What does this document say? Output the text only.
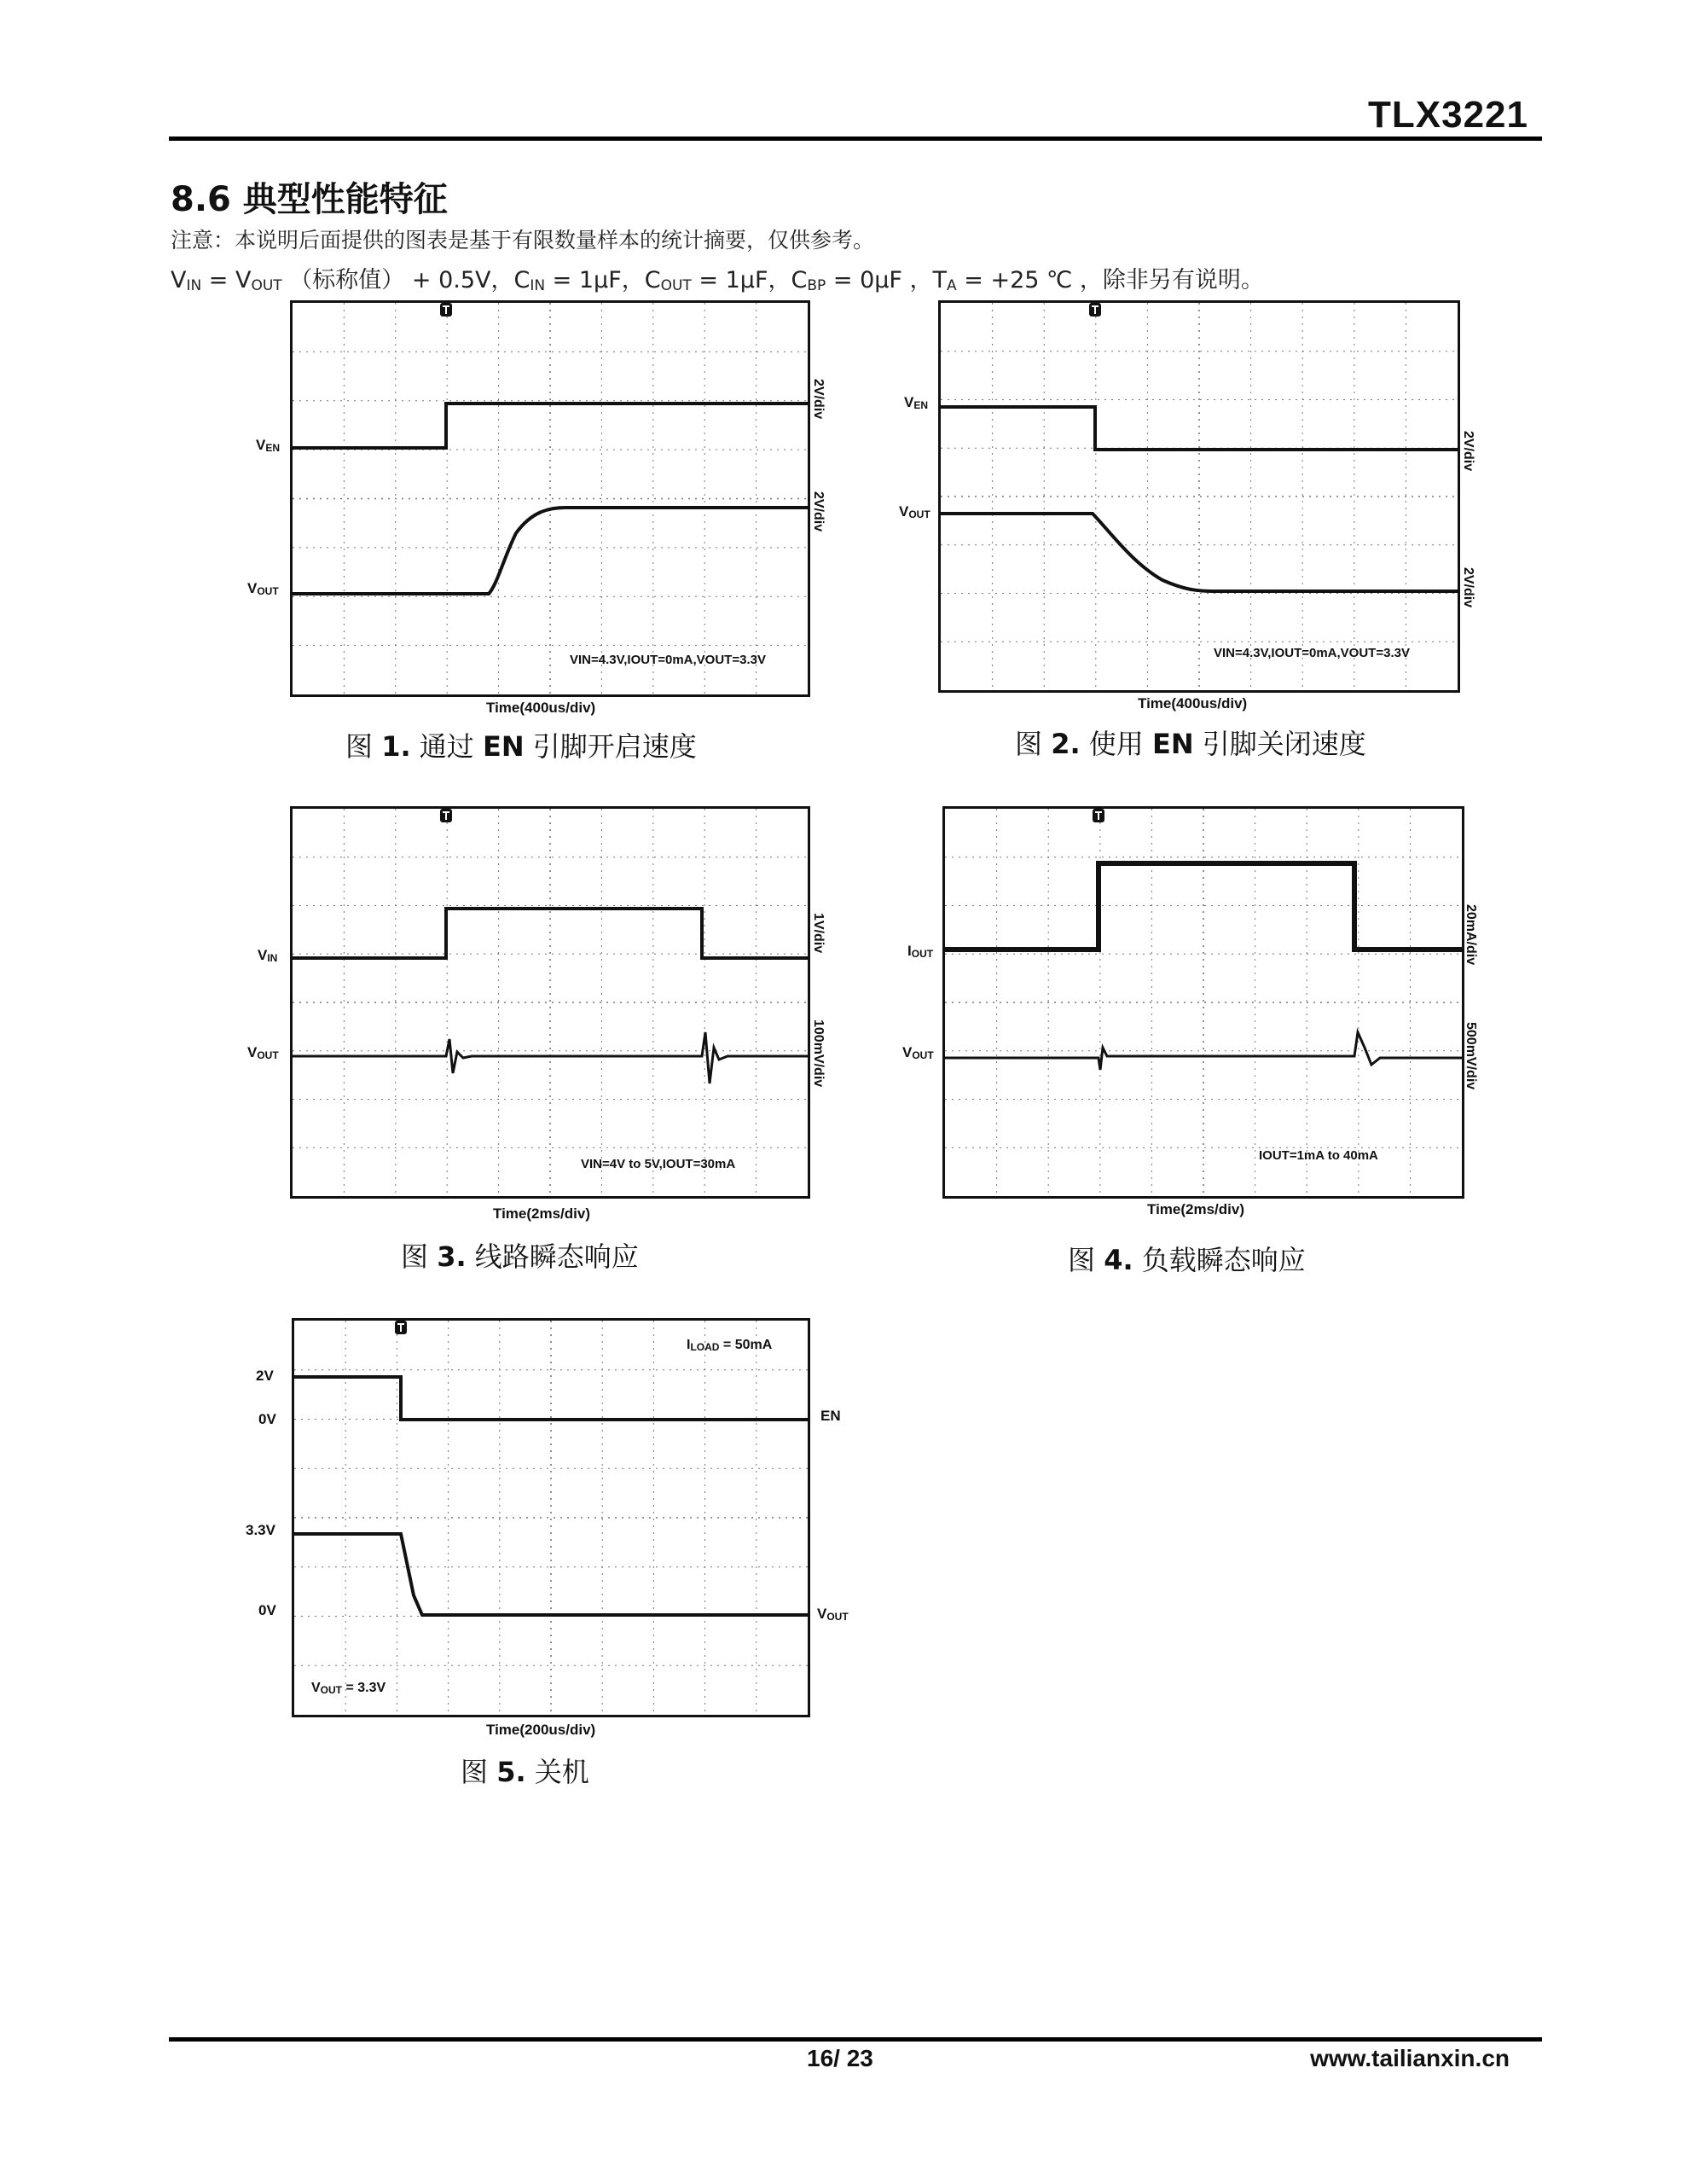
TLX3221
8.6 典型性能特征
注意：本说明后面提供的图表是基于有限数量样本的统计摘要，仅供参考。
$V_{IN} = V_{OUT}$ （标称值） + 0.5V，$C_{IN} = 1\mu F$，$C_{OUT} = 1\mu F$，$C_{BP} = 0\mu F$ ，$T_A = +25$ ℃ ，除非另有说明。
$V_{EN}$
$V_{OUT}$
VIN=4.3V,IOUT=0mA,VOUT=3.3V
2V/div
2V/div
Time(400us/div)
图 1. 通过 EN 引脚开启速度
$V_{EN}$
$V_{OUT}$
VIN=4.3V,IOUT=0mA,VOUT=3.3V
2V/div
2V/div
Time(400us/div)
图 2. 使用 EN 引脚关闭速度
$V_{IN}$
$V_{OUT}$
VIN=4V to 5V,IOUT=30mA
1V/div
100mV/div
Time(2ms/div)
图 3. 线路瞬态响应
$I_{OUT}$
$V_{OUT}$
IOUT=1mA to 40mA
20mA/div
500mV/div
Time(2ms/div)
图 4. 负载瞬态响应
2V
0V
3.3V
0V
$I_{LOAD} = 50mA$
$V_{OUT} = 3.3V$
EN
$V_{OUT}$
Time(200us/div)
图 5. 关机
16/ 23	www.tailianxin.cn
